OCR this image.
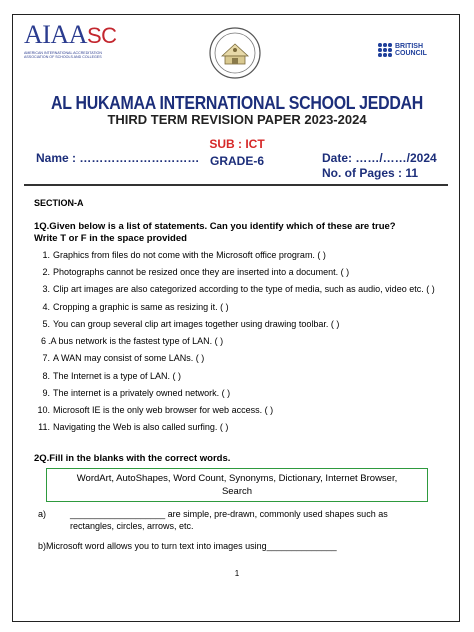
AIAASC
AMERICAN INTERNATIONAL ACCREDITATION
ASSOCIATION OF SCHOOLS AND COLLEGES
BRITISH
COUNCIL
AL HUKAMAA INTERNATIONAL SCHOOL JEDDAH
THIRD TERM REVISION PAPER 2023-2024
SUB : ICT
GRADE-6
Name : …………………………	Date: ……/……/2024
No. of Pages : 11
SECTION-A
1Q.Given below is a list of statements. Can you identify which of these are true?
Write T or F in the space provided
1. Graphics from files do not come with the Microsoft office program. ( )
2. Photographs cannot be resized once they are inserted into a document. ( )
3. Clip art images are also categorized according to the type of media, such as audio, video etc. ( )
4. Cropping a graphic is same as resizing it. ( )
5. You can group several clip art images together using drawing toolbar. ( )
6 .A bus network is the fastest type of LAN. ( )
7. A WAN may consist of some LANs. ( )
8. The Internet is a type of LAN. ( )
9. The internet is a privately owned network. ( )
10. Microsoft IE is the only web browser for web access. ( )
11. Navigating the Web is also called surfing. ( )
2Q.Fill in the blanks with the correct words.
WordArt, AutoShapes, Word Count, Synonyms, Dictionary, Internet Browser,
Search
a)	___________________ are simple, pre-drawn, commonly used shapes such as
rectangles, circles, arrows, etc.
b)Microsoft word allows you to turn text into images using______________
1
